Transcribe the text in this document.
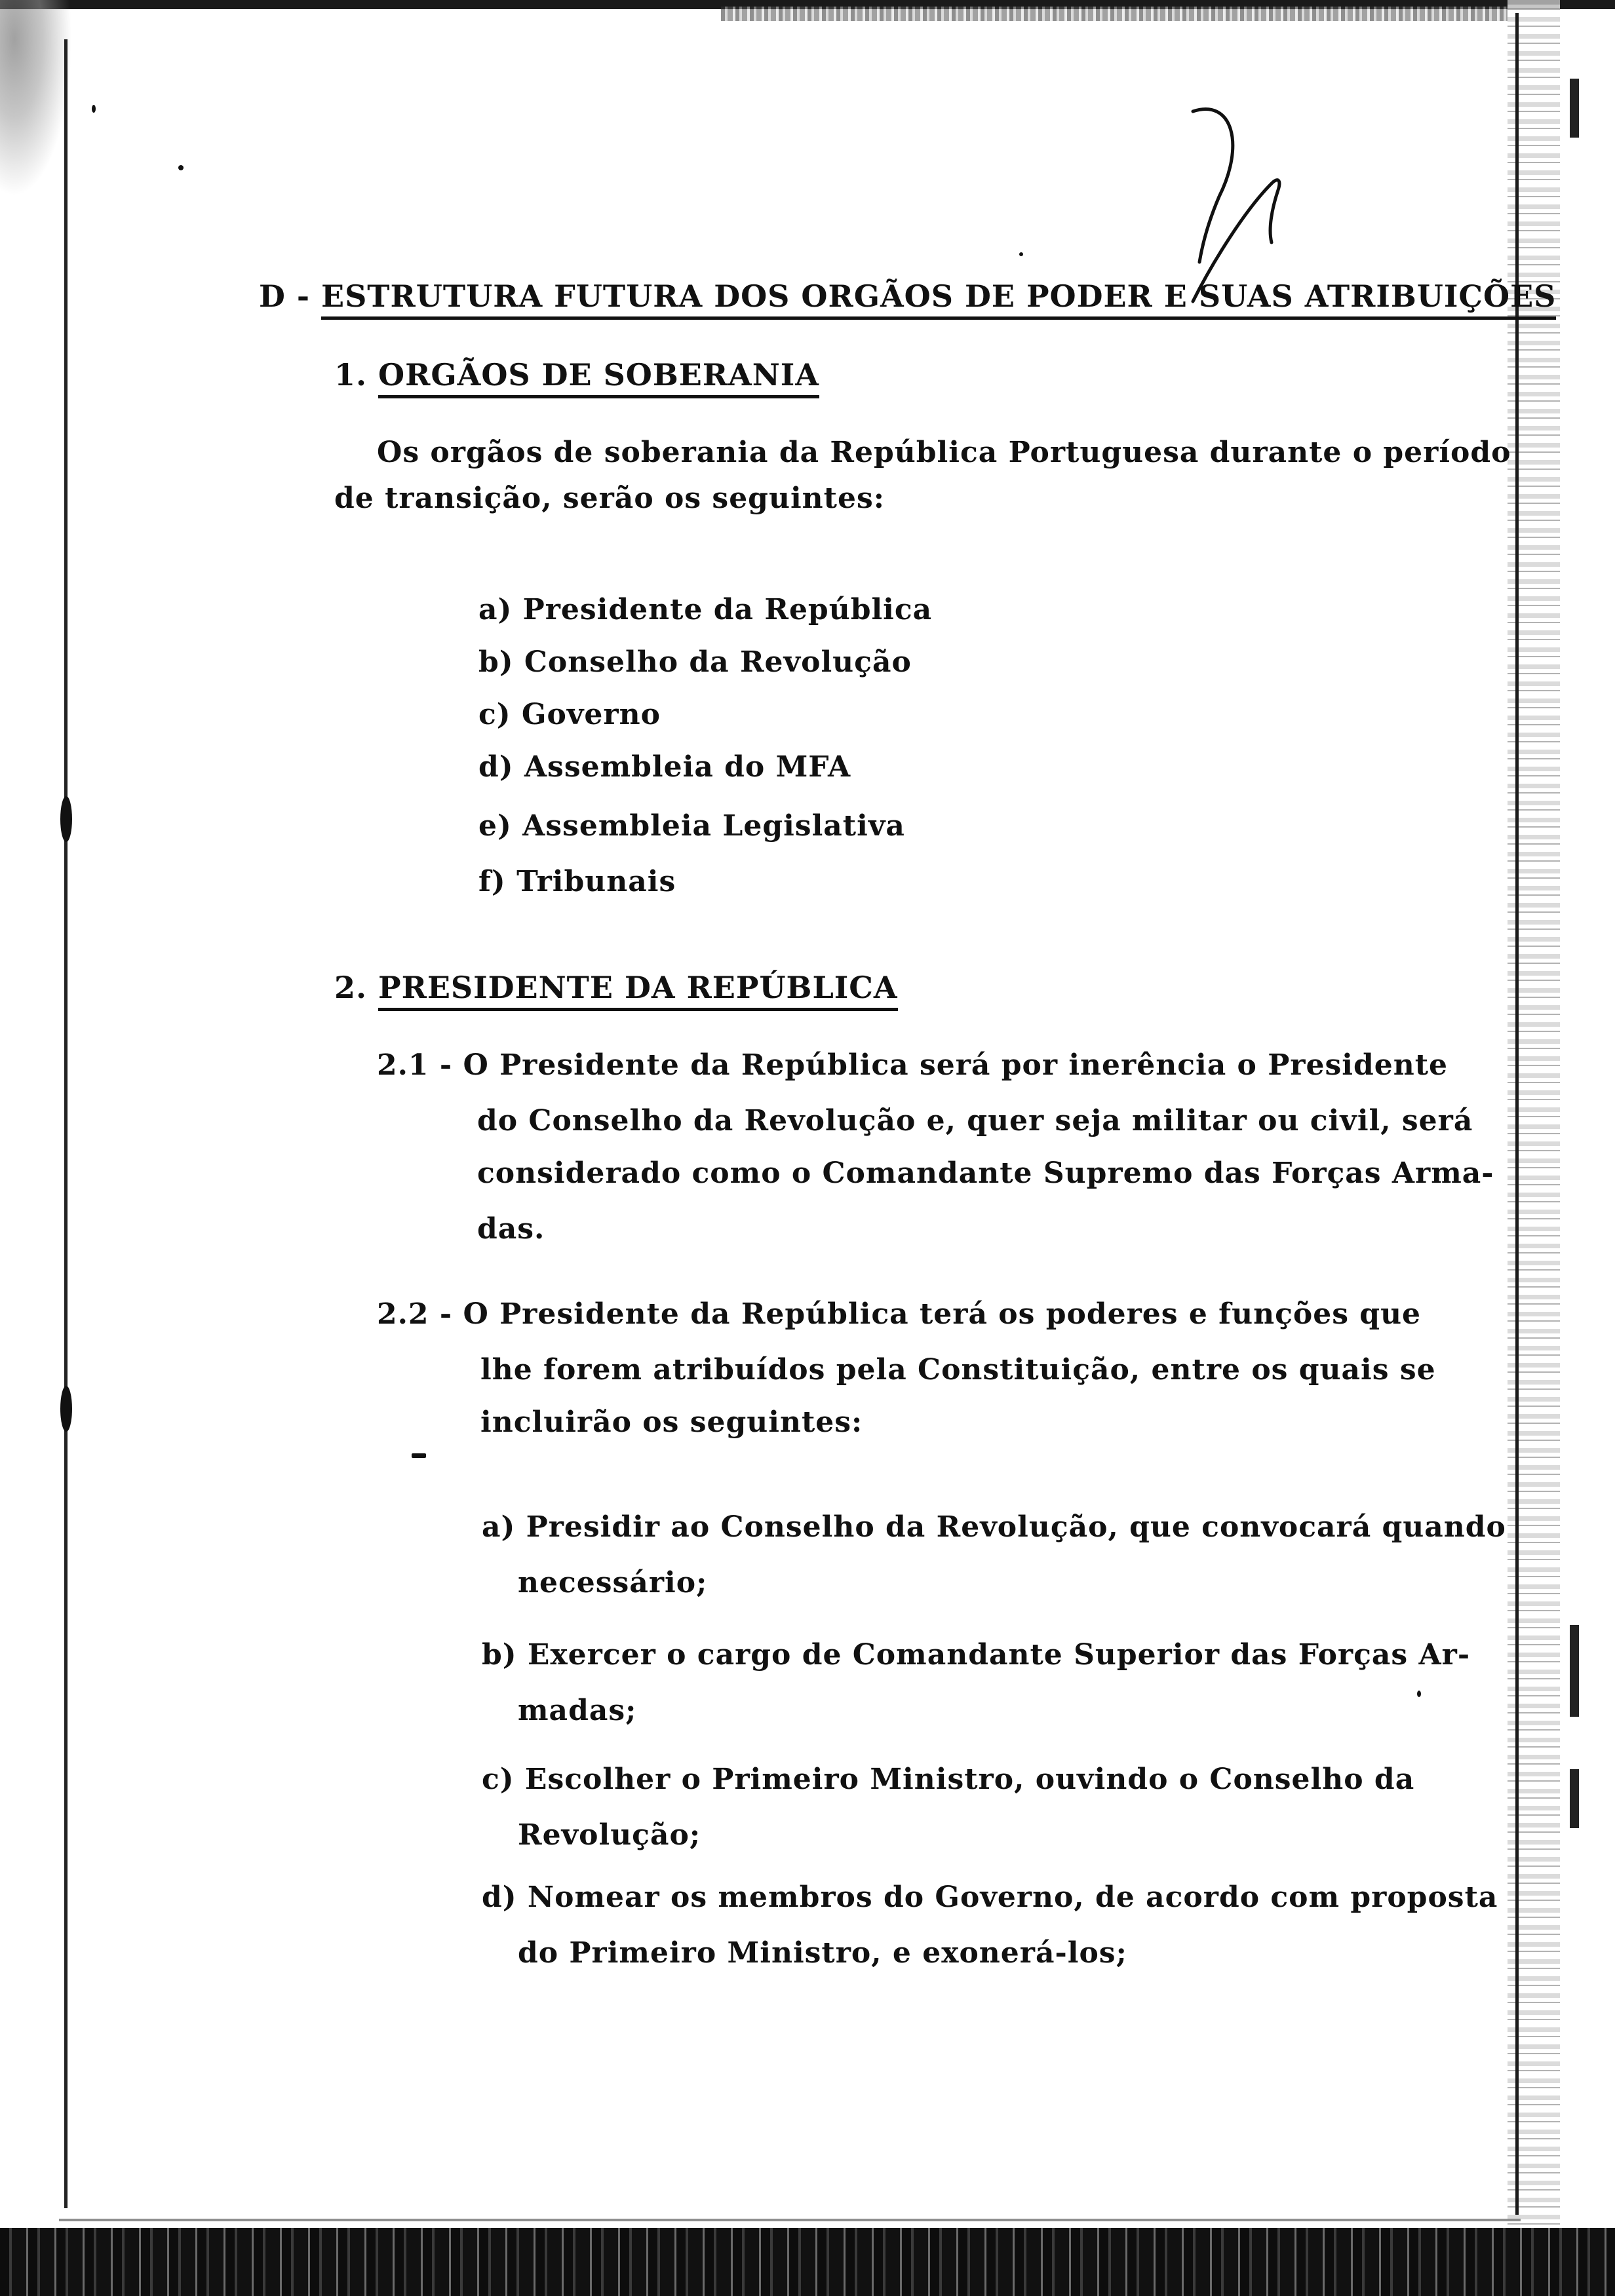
D - ESTRUTURA FUTURA DOS ORGÃOS DE PODER E SUAS ATRIBUIÇÕES
1. ORGÃOS DE SOBERANIA
Os orgãos de soberania da República Portuguesa durante o período
de transição, serão os seguintes:
a) Presidente da República
b) Conselho da Revolução
c) Governo
d) Assembleia do MFA
e) Assembleia Legislativa
f) Tribunais
2. PRESIDENTE DA REPÚBLICA
2.1 - O Presidente da República será por inerência o Presidente
do Conselho da Revolução e, quer seja militar ou civil, será
considerado como o Comandante Supremo das Forças Arma-
das.
2.2 - O Presidente da República terá os poderes e funções que
lhe forem atribuídos pela Constituição, entre os quais se
incluirão os seguintes:
a) Presidir ao Conselho da Revolução, que convocará quando
necessário;
b) Exercer o cargo de Comandante Superior das Forças Ar-
madas;
c) Escolher o Primeiro Ministro, ouvindo o Conselho da
Revolução;
d) Nomear os membros do Governo, de acordo com proposta
do Primeiro Ministro, e exonerá-los;
